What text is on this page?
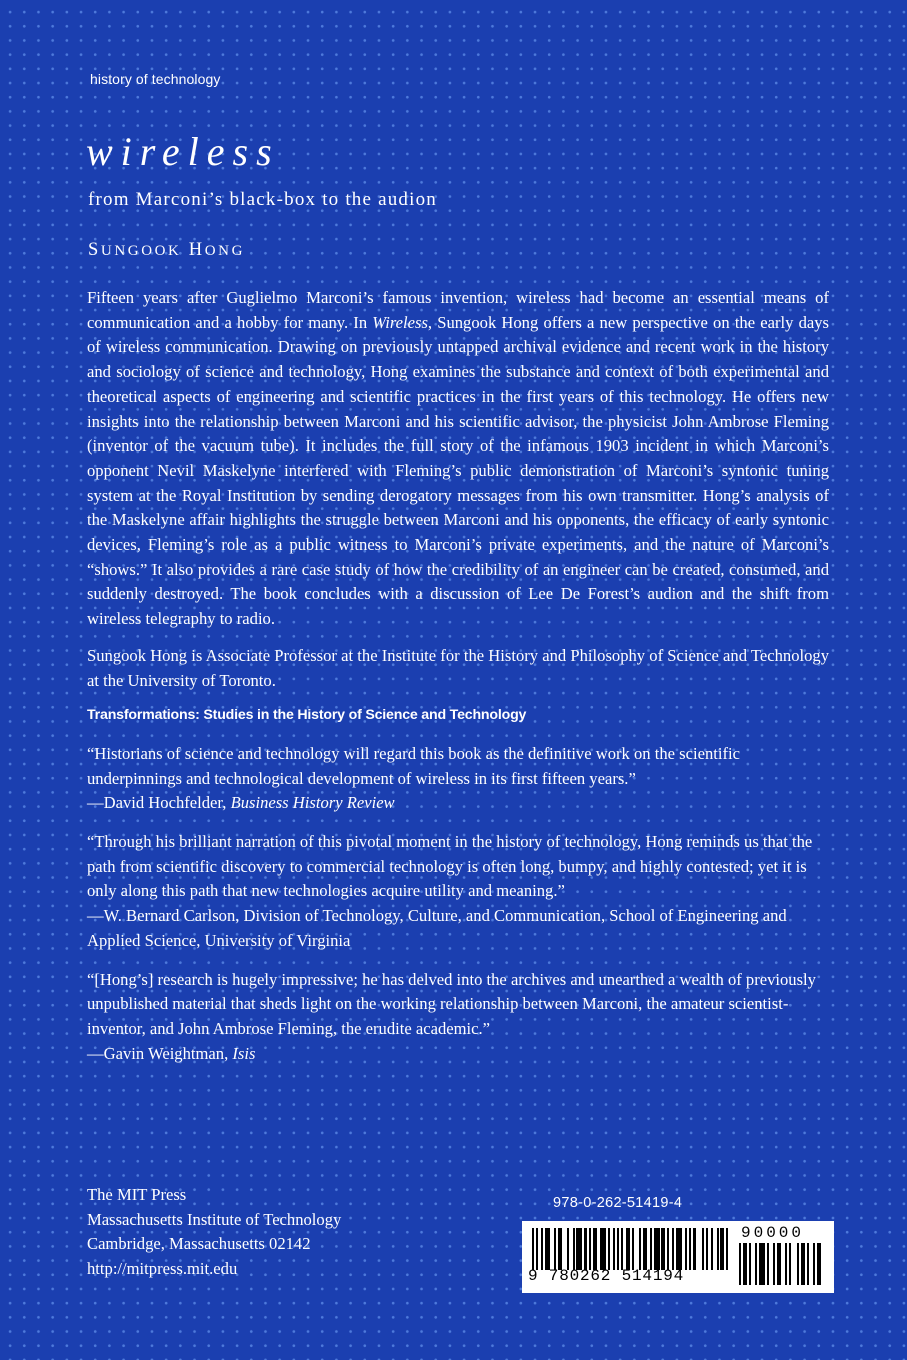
history of technology
wireless
from Marconi’s black-box to the audion
SUNGOOK HONG

Fifteen years after Guglielmo Marconi’s famous invention, wireless had become an essential means of communication and a hobby for many. In Wireless, Sungook Hong offers a new perspective on the early days of wireless communication. Drawing on previously untapped archival evidence and recent work in the history and sociology of science and technology, Hong examines the substance and context of both experimental and theoretical aspects of engineering and scientific practices in the first years of this technology. He offers new insights into the relationship between Marconi and his scientific advisor, the physicist John Ambrose Fleming (inventor of the vacuum tube). It includes the full story of the infamous 1903 incident in which Marconi’s opponent Nevil Maskelyne interfered with Fleming’s public demonstration of Marconi’s syntonic tuning system at the Royal Institution by sending derogatory messages from his own transmitter. Hong’s analysis of the Maskelyne affair highlights the struggle between Marconi and his opponents, the efficacy of early syntonic devices, Fleming’s role as a public witness to Marconi’s private experiments, and the nature of Marconi’s “shows.” It also provides a rare case study of how the credibility of an engineer can be created, consumed, and suddenly destroyed. The book concludes with a discussion of Lee De Forest’s audion and the shift from wireless telegraphy to radio.

Sungook Hong is Associate Professor at the Institute for the History and Philosophy of Science and Technology at the University of Toronto.

Transformations: Studies in the History of Science and Technology

“Historians of science and technology will regard this book as the definitive work on the scientific underpinnings and technological development of wireless in its first fifteen years.”
—David Hochfelder, Business History Review

“Through his brilliant narration of this pivotal moment in the history of technology, Hong reminds us that the path from scientific discovery to commercial technology is often long, bumpy, and highly contested; yet it is only along this path that new technologies acquire utility and meaning.”
—W. Bernard Carlson, Division of Technology, Culture, and Communication, School of Engineering and Applied Science, University of Virginia

“[Hong’s] research is hugely impressive; he has delved into the archives and unearthed a wealth of previously unpublished material that sheds light on the working relationship between Marconi, the amateur scientist-inventor, and John Ambrose Fleming, the erudite academic.”
—Gavin Weightman, Isis

The MIT Press
Massachusetts Institute of Technology
Cambridge, Massachusetts 02142
http://mitpress.mit.edu
978-0-262-51419-4
9 780262 514194
90000
